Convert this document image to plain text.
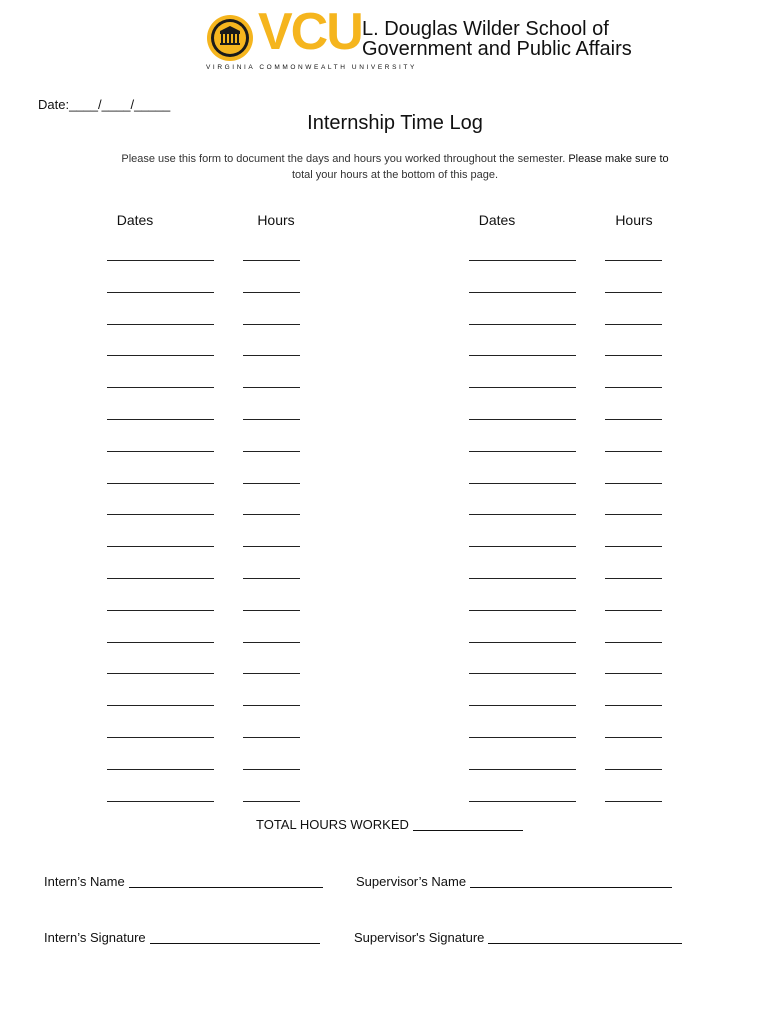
VCU L. Douglas Wilder School of
Government and Public Affairs
VIRGINIA COMMONWEALTH UNIVERSITY
Date:____/____/_____
Internship Time Log
Please use this form to document the days and hours you worked throughout the semester. Please make sure to
total your hours at the bottom of this page.
Dates	Hours	Dates	Hours
TOTAL HOURS WORKED
Intern’s Name	Supervisor’s Name
Intern’s Signature	Supervisor's Signature
